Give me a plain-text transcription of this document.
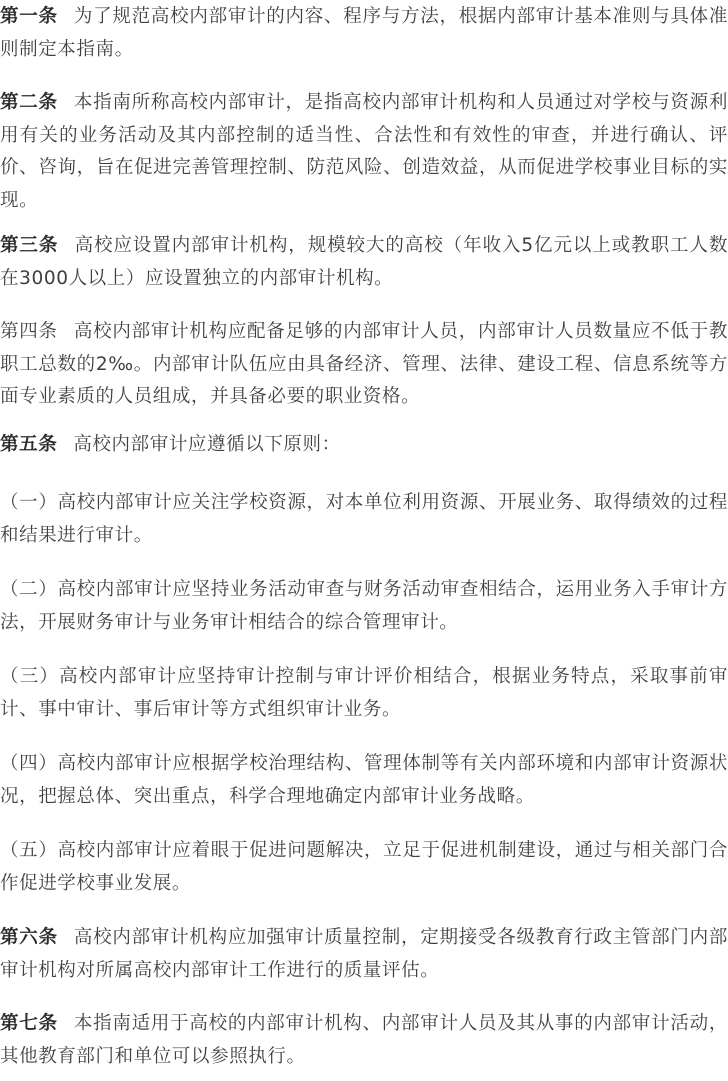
第一条 为了规范高校内部审计的内容、程序与方法，根据内部审计基本准则与具体准则制定本指南。

第二条 本指南所称高校内部审计，是指高校内部审计机构和人员通过对学校与资源利用有关的业务活动及其内部控制的适当性、合法性和有效性的审查，并进行确认、评价、咨询，旨在促进完善管理控制、防范风险、创造效益，从而促进学校事业目标的实现。

第三条 高校应设置内部审计机构，规模较大的高校（年收入5亿元以上或教职工人数在3000人以上）应设置独立的内部审计机构。

第四条 高校内部审计机构应配备足够的内部审计人员，内部审计人员数量应不低于教职工总数的2‰。内部审计队伍应由具备经济、管理、法律、建设工程、信息系统等方面专业素质的人员组成，并具备必要的职业资格。

第五条 高校内部审计应遵循以下原则：

（一）高校内部审计应关注学校资源，对本单位利用资源、开展业务、取得绩效的过程和结果进行审计。

（二）高校内部审计应坚持业务活动审查与财务活动审查相结合，运用业务入手审计方法，开展财务审计与业务审计相结合的综合管理审计。

（三）高校内部审计应坚持审计控制与审计评价相结合，根据业务特点，采取事前审计、事中审计、事后审计等方式组织审计业务。

（四）高校内部审计应根据学校治理结构、管理体制等有关内部环境和内部审计资源状况，把握总体、突出重点，科学合理地确定内部审计业务战略。

（五）高校内部审计应着眼于促进问题解决，立足于促进机制建设，通过与相关部门合作促进学校事业发展。

第六条 高校内部审计机构应加强审计质量控制，定期接受各级教育行政主管部门内部审计机构对所属高校内部审计工作进行的质量评估。

第七条 本指南适用于高校的内部审计机构、内部审计人员及其从事的内部审计活动，其他教育部门和单位可以参照执行。
